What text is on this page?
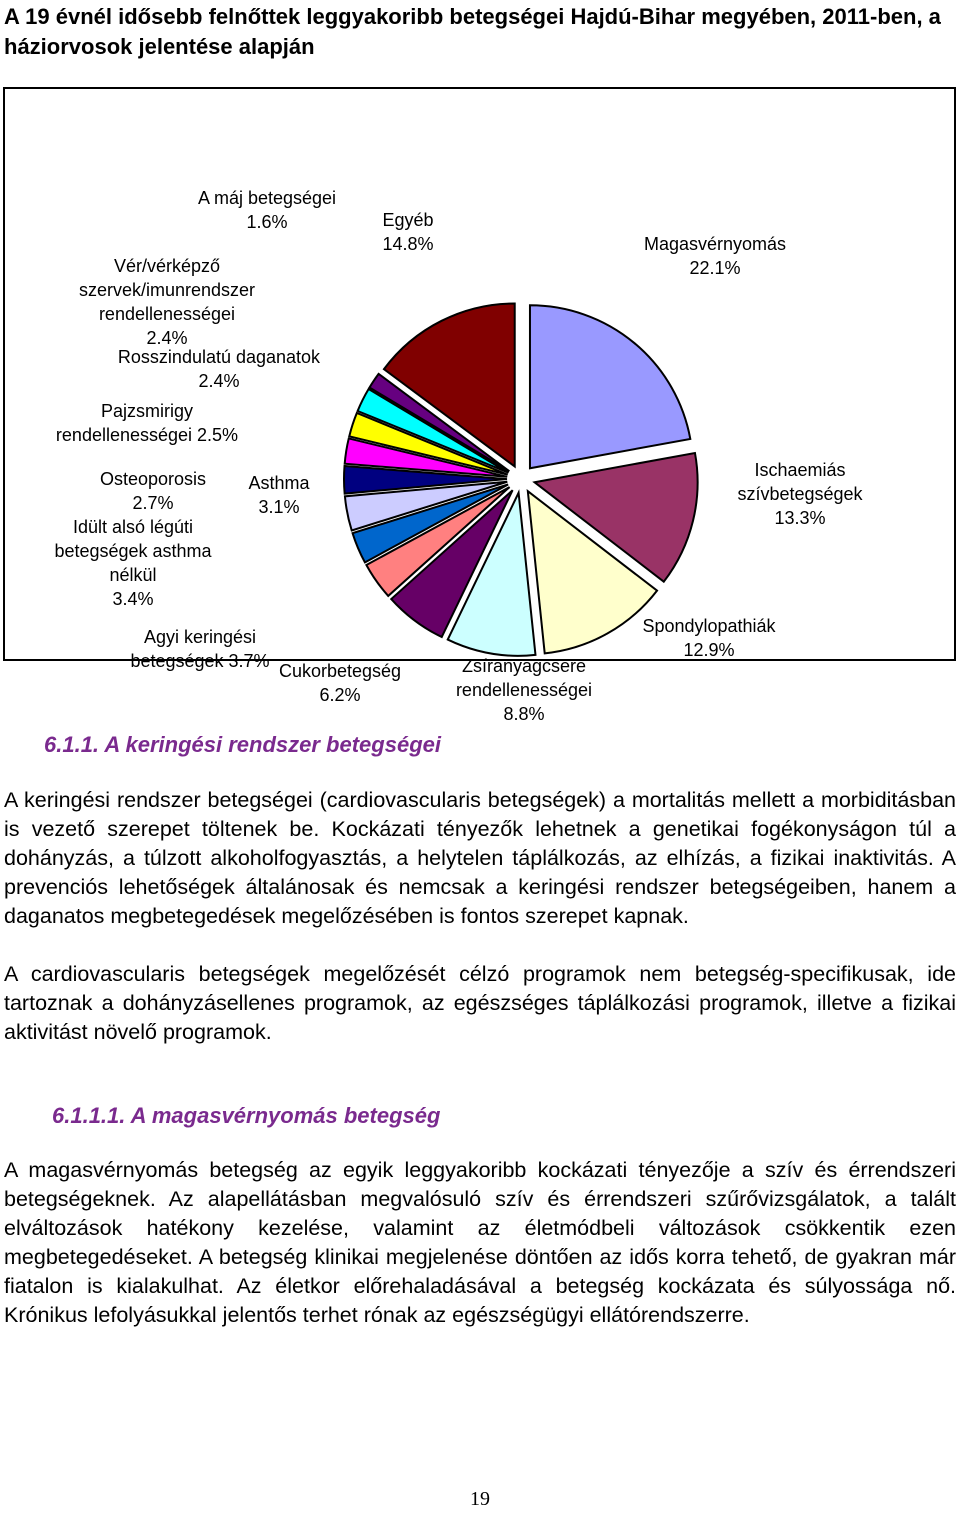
A 19 évnél idősebb felnőttek leggyakoribb betegségei Hajdú-Bihar megyében, 2011-ben, a háziorvosok jelentése alapján
Magasvérnyomás 22.1%
Ischaemiás szívbetegségek 13.3%
Spondylopathiák 12.9%
Zsíranyagcsere rendellenességei 8.8%
Cukorbetegség 6.2%
Agyi keringési betegségek 3.7%
Asthma 3.1%
Idült alsó légúti betegségek asthma nélkül 3.4%
Osteoporosis 2.7%
Pajzsmirigy rendellenességei 2.5%
Rosszindulatú daganatok 2.4%
Vér/vérképző szervek/imunrendszer rendellenességei 2.4%
A máj betegségei 1.6%	Egyéb 14.8%
6.1.1. A keringési rendszer betegségei

A keringési rendszer betegségei (cardiovascularis betegségek) a mortalitás mellett a morbiditásban is vezető szerepet töltenek be. Kockázati tényezők lehetnek a genetikai fogékonyságon túl a dohányzás, a túlzott alkoholfogyasztás, a helytelen táplálkozás, az elhízás, a fizikai inaktivitás. A prevenciós lehetőségek általánosak és nemcsak a keringési rendszer betegségeiben, hanem a daganatos megbetegedések megelőzésében is fontos szerepet kapnak.

A cardiovascularis betegségek megelőzését célzó programok nem betegség-specifikusak, ide tartoznak a dohányzásellenes programok, az egészséges táplálkozási programok, illetve a fizikai aktivitást növelő programok.

6.1.1.1. A magasvérnyomás betegség

A magasvérnyomás betegség az egyik leggyakoribb kockázati tényezője a szív és érrendszeri betegségeknek. Az alapellátásban megvalósuló szív és érrendszeri szűrővizsgálatok, a talált elváltozások hatékony kezelése, valamint az életmódbeli változások csökkentik ezen megbetegedéseket. A betegség klinikai megjelenése döntően az idős korra tehető, de gyakran már fiatalon is kialakulhat. Az életkor előrehaladásával a betegség kockázata és súlyossága nő. Krónikus lefolyásukkal jelentős terhet rónak az egészségügyi ellátórendszerre.

19
